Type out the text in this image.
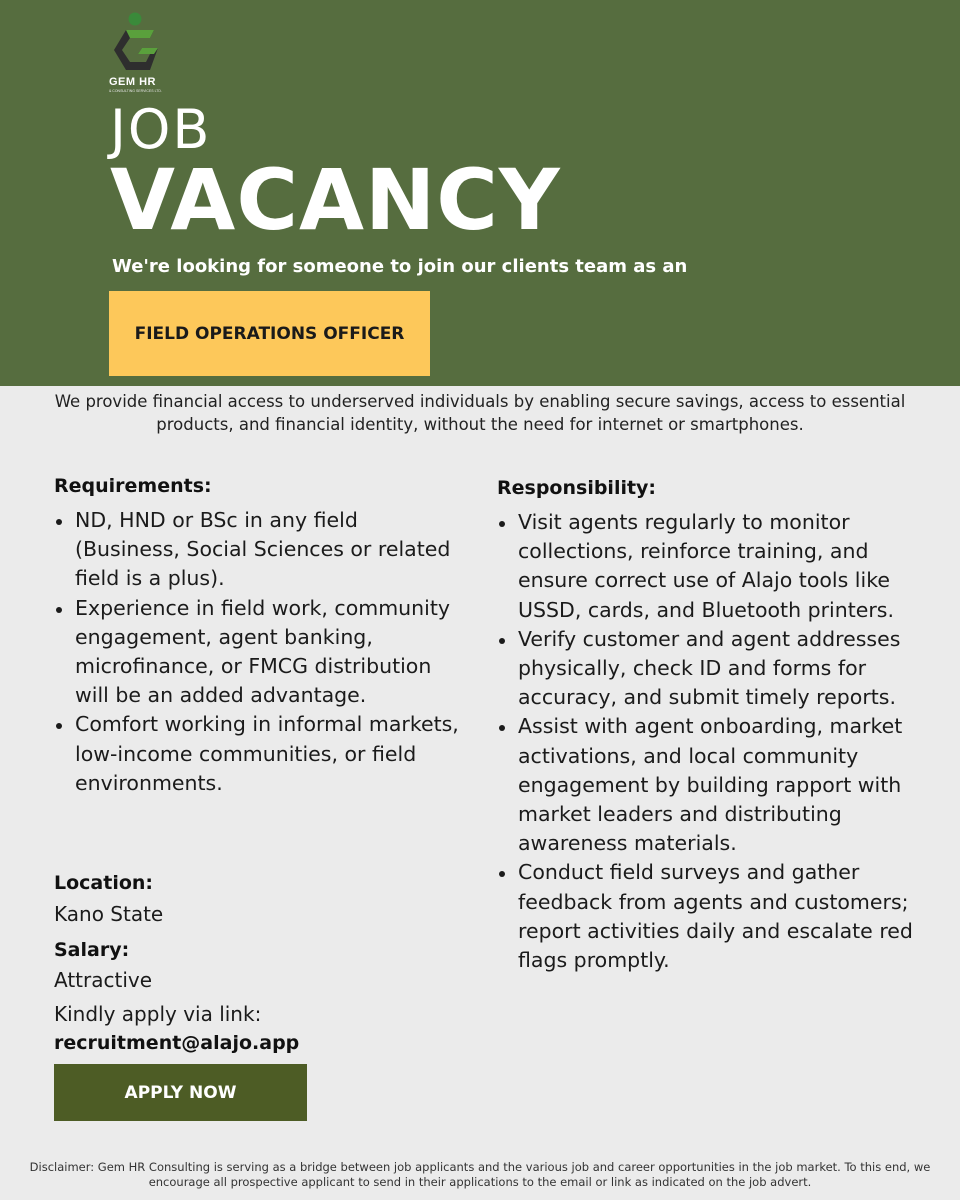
GEM HR
& CONSULTING SERVICES LTD.
JOB
VACANCY
We're looking for someone to join our clients team as an
FIELD OPERATIONS OFFICER
We provide financial access to underserved individuals by enabling secure savings, access to essential products, and financial identity, without the need for internet or smartphones.
Requirements:
ND, HND or BSc in any field (Business, Social Sciences or related field is a plus).
Experience in field work, community engagement, agent banking, microfinance, or FMCG distribution will be an added advantage.
Comfort working in informal markets, low-income communities, or field environments.
Responsibility:
Visit agents regularly to monitor collections, reinforce training, and ensure correct use of Alajo tools like USSD, cards, and Bluetooth printers.
Verify customer and agent addresses physically, check ID and forms for accuracy, and submit timely reports.
Assist with agent onboarding, market activations, and local community engagement by building rapport with market leaders and distributing awareness materials.
Conduct field surveys and gather feedback from agents and customers; report activities daily and escalate red flags promptly.
Location:
Kano State
Salary:
Attractive
Kindly apply via link:
recruitment@alajo.app
APPLY NOW
Disclaimer: Gem HR Consulting is serving as a bridge between job applicants and the various job and career opportunities in the job market. To this end, we encourage all prospective applicant to send in their applications to the email or link as indicated on the job advert.
